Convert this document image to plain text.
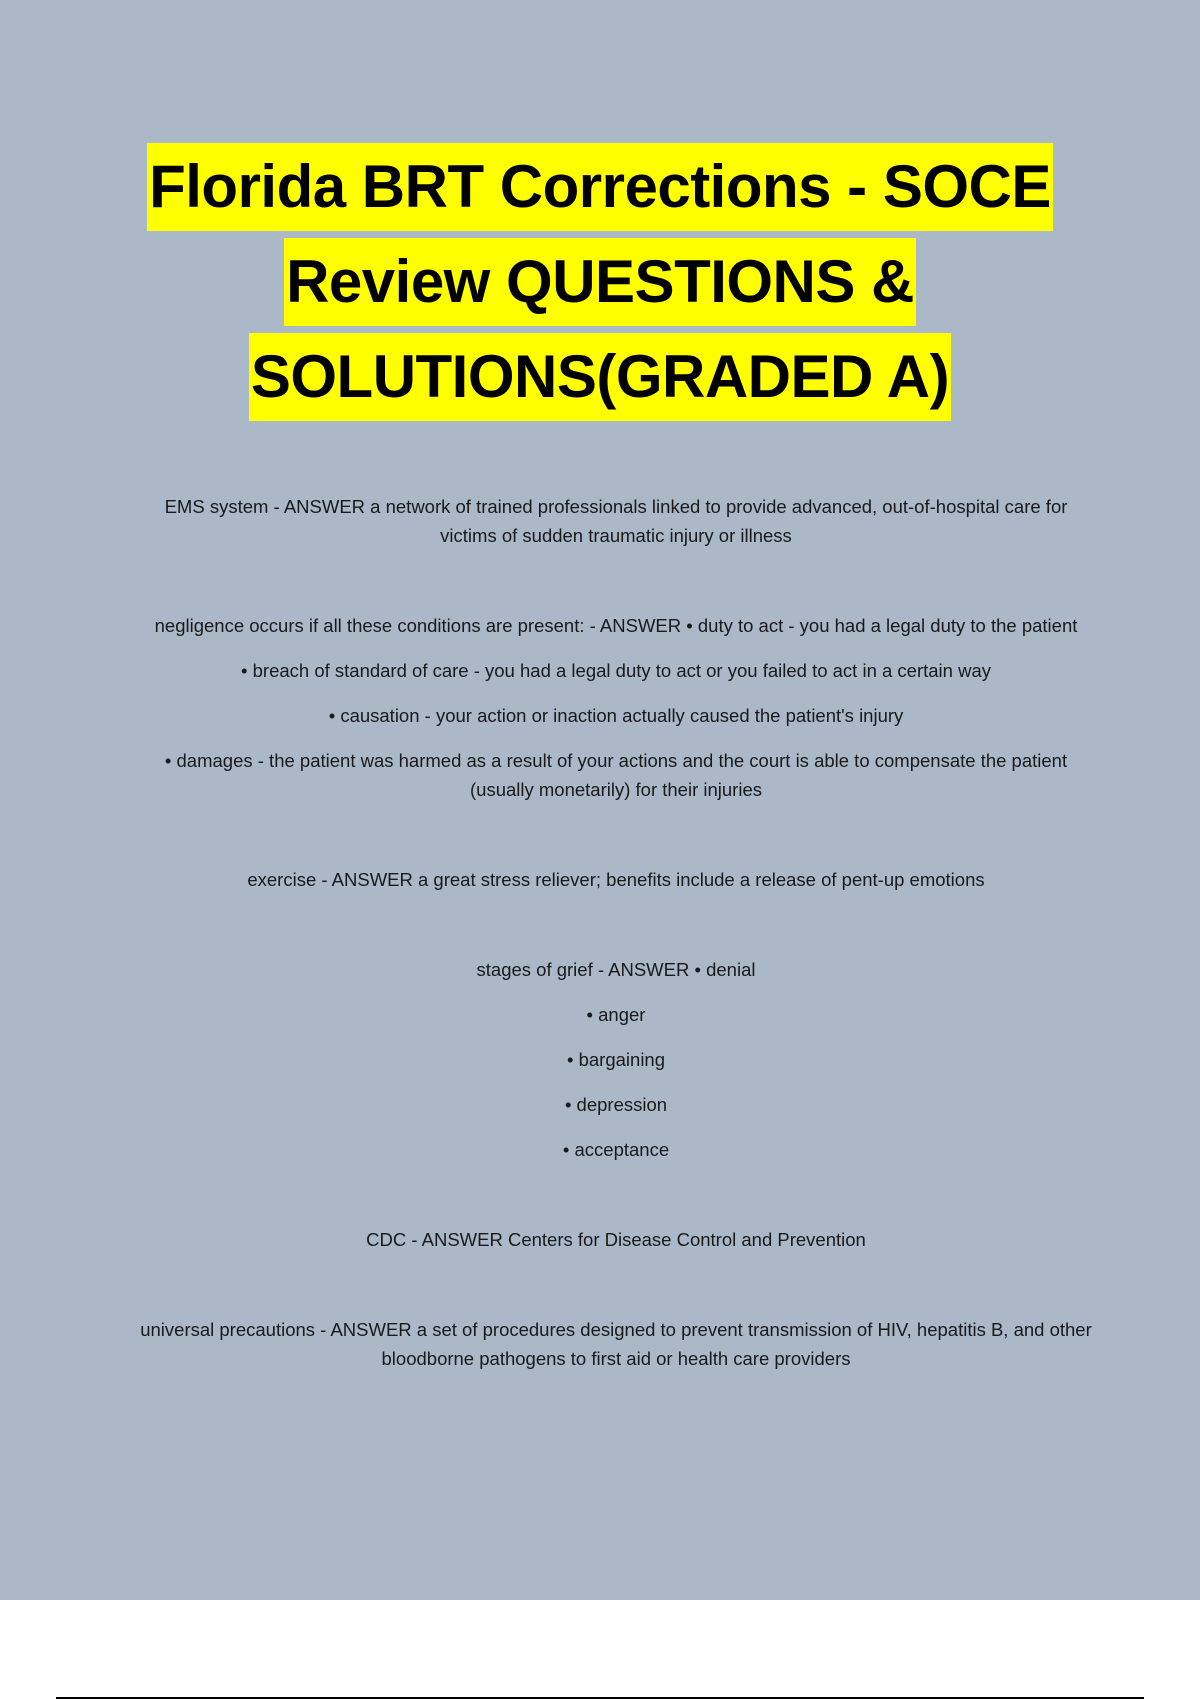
Florida BRT Corrections - SOCE
Review QUESTIONS &
SOLUTIONS(GRADED A)

EMS system - ANSWER a network of trained professionals linked to provide advanced, out-of-hospital care for victims of sudden traumatic injury or illness

negligence occurs if all these conditions are present: - ANSWER • duty to act - you had a legal duty to the patient

• breach of standard of care - you had a legal duty to act or you failed to act in a certain way

• causation - your action or inaction actually caused the patient's injury

• damages - the patient was harmed as a result of your actions and the court is able to compensate the patient (usually monetarily) for their injuries

exercise - ANSWER a great stress reliever; benefits include a release of pent-up emotions

stages of grief - ANSWER • denial

• anger

• bargaining

• depression

• acceptance

CDC - ANSWER Centers for Disease Control and Prevention

universal precautions - ANSWER a set of procedures designed to prevent transmission of HIV, hepatitis B, and other bloodborne pathogens to first aid or health care providers
